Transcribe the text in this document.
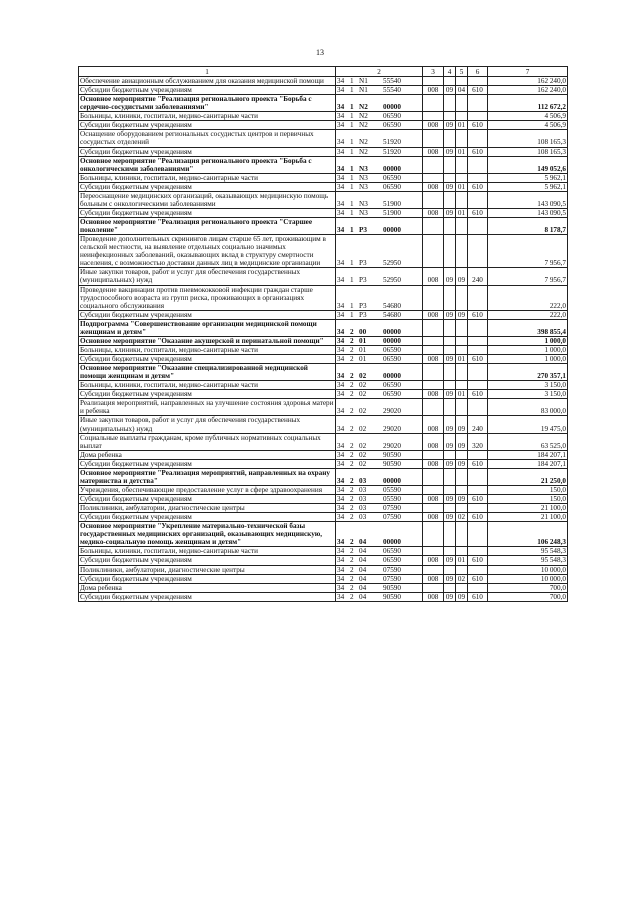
13
1	2	3	4	5	6	7
Обеспечение авиационным обслуживанием для оказания медицинской помощи	34 1 N1 55540					162 240,0
Субсидии бюджетным учреждениям	34 1 N1 55540	008	09	04	610	162 240,0
Основное мероприятие "Реализация регионального проекта "Борьба с сердечно-сосудистыми заболеваниями"	34 1 N2 00000					112 672,2
Больницы, клиники, госпитали, медико-санитарные части	34 1 N2 06590					4 506,9
Субсидии бюджетным учреждениям	34 1 N2 06590	008	09	01	610	4 506,9
Оснащение оборудованием региональных сосудистых центров и первичных сосудистых отделений	34 1 N2 51920					108 165,3
Субсидии бюджетным учреждениям	34 1 N2 51920	008	09	01	610	108 165,3
Основное мероприятие "Реализация регионального проекта "Борьба с онкологическими заболеваниями"	34 1 N3 00000					149 052,6
Больницы, клиники, госпитали, медико-санитарные части	34 1 N3 06590					5 962,1
Субсидии бюджетным учреждениям	34 1 N3 06590	008	09	01	610	5 962,1
Переоснащение медицинских организаций, оказывающих медицинскую помощь больным с онкологическими заболеваниями	34 1 N3 51900					143 090,5
Субсидии бюджетным учреждениям	34 1 N3 51900	008	09	01	610	143 090,5
Основное мероприятие "Реализация регионального проекта "Старшее поколение"	34 1 P3 00000					8 178,7
Проведение дополнительных скринингов лицам старше 65 лет, проживающим в сельской местности, на выявление отдельных социально значимых неинфекционных заболеваний, оказывающих вклад в структуру смертности населения, с возможностью доставки данных лиц в медицинские организации	34 1 P3 52950					7 956,7
Иные закупки товаров, работ и услуг для обеспечения государственных (муниципальных) нужд	34 1 P3 52950	008	09	09	240	7 956,7
Проведение вакцинации против пневмококковой инфекции граждан старше трудоспособного возраста из групп риска, проживающих в организациях социального обслуживания	34 1 P3 54680					222,0
Субсидии бюджетным учреждениям	34 1 P3 54680	008	09	09	610	222,0
Подпрограмма "Совершенствование организации медицинской помощи женщинам и детям"	34 2 00 00000					398 855,4
Основное мероприятие "Оказание акушерской и перинатальной помощи"	34 2 01 00000					1 000,0
Больницы, клиники, госпитали, медико-санитарные части	34 2 01 06590					1 000,0
Субсидии бюджетным учреждениям	34 2 01 06590	008	09	01	610	1 000,0
Основное мероприятие "Оказание специализированной медицинской помощи женщинам и детям"	34 2 02 00000					270 357,1
Больницы, клиники, госпитали, медико-санитарные части	34 2 02 06590					3 150,0
Субсидии бюджетным учреждениям	34 2 02 06590	008	09	01	610	3 150,0
Реализация мероприятий, направленных на улучшение состояния здоровья матери и ребенка	34 2 02 29020					83 000,0
Иные закупки товаров, работ и услуг для обеспечения государственных (муниципальных) нужд	34 2 02 29020	008	09	09	240	19 475,0
Социальные выплаты гражданам, кроме публичных нормативных социальных выплат	34 2 02 29020	008	09	09	320	63 525,0
Дома ребенка	34 2 02 90590					184 207,1
Субсидии бюджетным учреждениям	34 2 02 90590	008	09	09	610	184 207,1
Основное мероприятие "Реализация мероприятий, направленных на охрану материнства и детства"	34 2 03 00000					21 250,0
Учреждения, обеспечивающие предоставление услуг в сфере здравоохранения	34 2 03 05590					150,0
Субсидии бюджетным учреждениям	34 2 03 05590	008	09	09	610	150,0
Поликлиники, амбулатории, диагностические центры	34 2 03 07590					21 100,0
Субсидии бюджетным учреждениям	34 2 03 07590	008	09	02	610	21 100,0
Основное мероприятие "Укрепление материально-технической базы государственных медицинских организаций, оказывающих медицинскую, медико-социальную помощь женщинам и детям"	34 2 04 00000					106 248,3
Больницы, клиники, госпитали, медико-санитарные части	34 2 04 06590					95 548,3
Субсидии бюджетным учреждениям	34 2 04 06590	008	09	01	610	95 548,3
Поликлиники, амбулатории, диагностические центры	34 2 04 07590					10 000,0
Субсидии бюджетным учреждениям	34 2 04 07590	008	09	02	610	10 000,0
Дома ребенка	34 2 04 90590					700,0
Субсидии бюджетным учреждениям	34 2 04 90590	008	09	09	610	700,0
